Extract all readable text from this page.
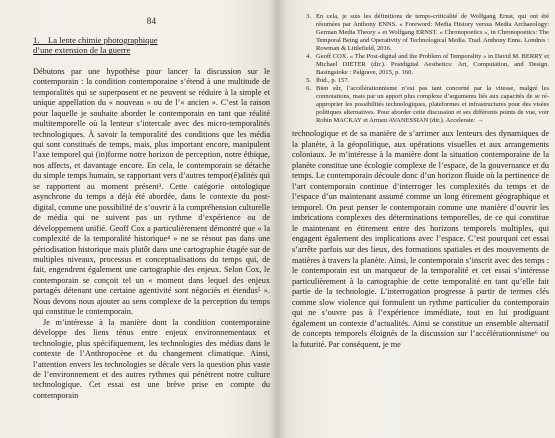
84
1. La lente chimie photographique
d’une extension de la guerre

Débutons par une hypothèse pour lancer la discussion sur le contemporain : la condition contemporaine s’étend à une multitude de temporalités qui se superposent et ne peuvent se réduire à la simple et unique appellation du « nouveau » ou de l’« ancien ». C’est la raison pour laquelle je souhaite aborder le contemporain en tant que réalité multitemporelle où la lenteur s’intercale avec des micro-temporalités technologiques. À savoir la temporalité des conditions que les média qui sont constitués de temps, mais, plus important encore, manipulent l’axe temporel qui (in)forme notre horizon de perception, notre éthique, nos affects, et davantage encore. En cela, le contemporain se détache du simple temps humain, se rapportant vers d’autres tempor(é)alités qui se rapportent au moment présent³. Cette catégorie ontologique asynchrone du temps a déjà été abordée, dans le contexte du post-digital, comme une possibilité de s’ouvrir à la compréhension culturelle de média qui ne suivent pas un rythme d’expérience ou de développement unifié. Geoff Cox a particulièrement démontré que « la complexité de la temporalité historique⁴ » ne se résout pas dans une périodisation historique mais plutôt dans une cartographie étagée sur de multiples niveaux, processus et conceptualisations du temps qui, de fait, engendrent également une cartographie des enjeux. Selon Cox, le contemporain se conçoit tel un « moment dans lequel des enjeux partagés détenant une certaine agentivité sont négociés et étendus⁵ ». Nous devons nous ajouter au sens complexe de la perception du temps qui constitue le contemporain.

Je m’intéresse à la manière dont la condition contemporaine développe des liens ténus entre enjeux environnementaux et technologie, plus spécifiquement, les technologies des médias dans le contexte de l’Anthropocène et du changement climatique. Ainsi, l’attention envers les technologies se décale vers la question plus vaste de l’environnement et des autres rythmes qui pénètrent notre culture technologique. Cet essai est une brève prise en compte du contemporain

3. En cela, je suis les définitions de temps-criticalité de Wolfgang Ernst, qui ont été résumées par Anthony ENNS. « Foreword: Media History versus Media Archaeology: German Media Theory » et Wolfgang ERNST. « Chronopoetics », in Chronopoetics: The Temporal Being and Operativity of Technological Media. Trad. Anthony Enns. Londres : Rowman & Littlefield, 2016.
4. Geoff COX. « The Post-digital and the Problem of Temporality » in David M. BERRY et Michael DIETER (dir.). Postdigital Aesthetics: Art, Computation, and Design. Basingstoke : Palgrave, 2015, p. 160.
5. Ibid., p. 157.
6. Bien sûr, l’accélérationnisme n’est pas tant concerné par la vitesse, malgré les connotations, mais par un apport plus complexe d’arguments liés aux capacités de se ré-approprier les possibilités technologiques, plateformes et infrastructures pour des visées politiques alternatives. Pour aborder cette discussion et ses différents points de vue, voir Robin MACKAY et Armen AVANESSIAN (dir.). Accelerate: →

technologique et de sa manière de s’arrimer aux lenteurs des dynamiques de la planète, à la géopolitique, aux opérations visuelles et aux arrangements coloniaux. Je m’intéresse à la manière dont la situation contemporaine de la planète constitue une écologie complexe de l’espace, de la gouvernance et du temps. Le contemporain découle donc d’un horizon fluide où la pertinence de l’art contemporain continue d’interroger les complexités du temps et de l’espace d’un maintenant assumé comme un long étirement géographique et temporel. On peut penser le contemporain comme une manière d’ouvrir les imbrications complexes des déterminations temporelles, de ce qui constitue le maintenant en étirement entre des horizons temporels multiples, qui engagent également des implications avec l’espace. C’est pourquoi cet essai s’arrête parfois sur des lieux, des formations spatiales et des mouvements de matières à travers la planète. Ainsi, le contemporain s’inscrit avec des temps : le contemporain est un marqueur de la temporalité et cet essai s’intéresse particulièrement à la cartographie de cette temporalité en tant qu’elle fait partie de la technologie. L’interrogation progresse à partir de termes clés comme slow violence qui formulent un rythme particulier du contemporain qui ne s’ouvre pas à l’expérience immédiate, tout en lui prodiguant également un contexte d’actualités. Ainsi se constitue un ensemble alternatif de concepts temporels éloignés de la discussion sur l’accélérationnisme⁶ ou la futurité. Par conséquent, je me
